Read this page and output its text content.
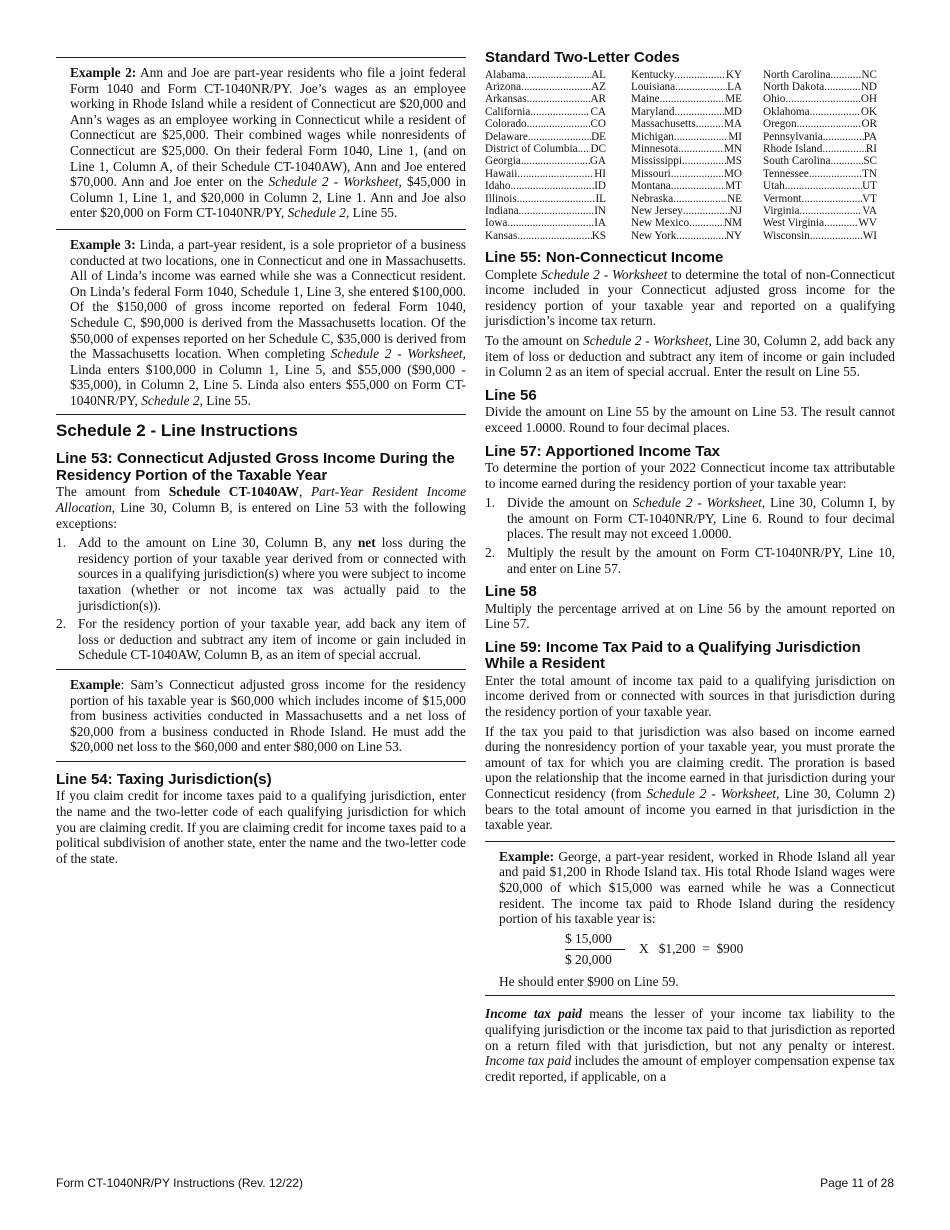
Example 2: Ann and Joe are part-year residents who file a joint federal Form 1040 and Form CT-1040NR/PY. Joe’s wages as an employee working in Rhode Island while a resident of Connecticut are $20,000 and Ann’s wages as an employee working in Connecticut while a resident of Connecticut are $25,000. Their combined wages while nonresidents of Connecticut are $25,000. On their federal Form 1040, Line 1, (and on Line 1, Column A, of their Schedule CT-1040AW), Ann and Joe entered $70,000. Ann and Joe enter on the Schedule 2 - Worksheet, $45,000 in Column 1, Line 1, and $20,000 in Column 2, Line 1. Ann and Joe also enter $20,000 on Form CT-1040NR/PY, Schedule 2, Line 55.

Example 3: Linda, a part-year resident, is a sole proprietor of a business conducted at two locations, one in Connecticut and one in Massachusetts. All of Linda’s income was earned while she was a Connecticut resident. On Linda’s federal Form 1040, Schedule 1, Line 3, she entered $100,000. Of the $150,000 of gross income reported on federal Form 1040, Schedule C, $90,000 is derived from the Massachusetts location. Of the $50,000 of expenses reported on her Schedule C, $35,000 is derived from the Massachusetts location. When completing Schedule 2 - Worksheet, Linda enters $100,000 in Column 1, Line 5, and $55,000 ($90,000 - $35,000), in Column 2, Line 5. Linda also enters $55,000 on Form CT-1040NR/PY, Schedule 2, Line 55.

Schedule 2 - Line Instructions
Line 53: Connecticut Adjusted Gross Income During the Residency Portion of the Taxable Year

The amount from Schedule CT-1040AW, Part-Year Resident Income Allocation, Line 30, Column B, is entered on Line 53 with the following exceptions:

1. Add to the amount on Line 30, Column B, any net loss during the residency portion of your taxable year derived from or connected with sources in a qualifying jurisdiction(s) where you were subject to income taxation (whether or not income tax was actually paid to the jurisdiction(s)).

2. For the residency portion of your taxable year, add back any item of loss or deduction and subtract any item of income or gain included in Schedule CT-1040AW, Column B, as an item of special accrual.

Example: Sam’s Connecticut adjusted gross income for the residency portion of his taxable year is $60,000 which includes income of $15,000 from business activities conducted in Massachusetts and a net loss of $20,000 from a business conducted in Rhode Island. He must add the $20,000 net loss to the $60,000 and enter $80,000 on Line 53.

Line 54: Taxing Jurisdiction(s)

If you claim credit for income taxes paid to a qualifying jurisdiction, enter the name and the two-letter code of each qualifying jurisdiction for which you are claiming credit. If you are claiming credit for income taxes paid to a political subdivision of another state, enter the name and the two-letter code of the state.

Standard Two-Letter Codes
Alabama .....	AL
Arizona .....	AZ
Arkansas .....	AR
California .....	CA
Colorado .....	CO
Delaware .....	DE
District of Columbia ..... DC
Georgia .....	GA
Hawaii .....	HI
Idaho .....	ID
Illinois .....	IL
Indiana .....	IN
Iowa .....	IA
Kansas .....	KS
Kentucky .....	KY
Louisiana .....	LA
Maine .....	ME
Maryland .....	MD
Massachusetts .....	MA
Michigan .....	MI
Minnesota .....	MN
Mississippi .....	MS
Missouri .....	MO
Montana .....	MT
Nebraska .....	NE
New Jersey .....	NJ
New Mexico .....	NM
New York .....	NY
North Carolina .....	NC
North Dakota .....	ND
Ohio .....	OH
Oklahoma .....	OK
Oregon .....	OR
Pennsylvania .....	PA
Rhode Island .....	RI
South Carolina .....	SC
Tennessee .....	TN
Utah .....	UT
Vermont .....	VT
Virginia .....	VA
West Virginia .....	WV
Wisconsin .....	WI
Line 55: Non-Connecticut Income

Complete Schedule 2 - Worksheet to determine the total of non-Connecticut income included in your Connecticut adjusted gross income for the residency portion of your taxable year and reported on a qualifying jurisdiction’s income tax return.

To the amount on Schedule 2 - Worksheet, Line 30, Column 2, add back any item of loss or deduction and subtract any item of income or gain included in Column 2 as an item of special accrual. Enter the result on Line 55.

Line 56

Divide the amount on Line 55 by the amount on Line 53. The result cannot exceed 1.0000. Round to four decimal places.

Line 57: Apportioned Income Tax

To determine the portion of your 2022 Connecticut income tax attributable to income earned during the residency portion of your taxable year:

1. Divide the amount on Schedule 2 - Worksheet, Line 30, Column I, by the amount on Form CT-1040NR/PY, Line 6. Round to four decimal places. The result may not exceed 1.0000.

2. Multiply the result by the amount on Form CT-1040NR/PY, Line 10, and enter on Line 57.

Line 58

Multiply the percentage arrived at on Line 56 by the amount reported on Line 57.

Line 59: Income Tax Paid to a Qualifying Jurisdiction While a Resident

Enter the total amount of income tax paid to a qualifying jurisdiction on income derived from or connected with sources in that jurisdiction during the residency portion of your taxable year.

If the tax you paid to that jurisdiction was also based on income earned during the nonresidency portion of your taxable year, you must prorate the amount of tax for which you are claiming credit. The proration is based upon the relationship that the income earned in that jurisdiction during your Connecticut residency (from Schedule 2 - Worksheet, Line 30, Column 2) bears to the total amount of income you earned in that jurisdiction in the taxable year.

Example: George, a part-year resident, worked in Rhode Island all year and paid $1,200 in Rhode Island tax. His total Rhode Island wages were $20,000 of which $15,000 was earned while he was a Connecticut resident. The income tax paid to Rhode Island during the residency portion of his taxable year is:

$\frac{\$ 15,000}{\$ 20,000}$ X   $1,200  =  $900

He should enter $900 on Line 59.

Income tax paid means the lesser of your income tax liability to the qualifying jurisdiction or the income tax paid to that jurisdiction as reported on a return filed with that jurisdiction, but not any penalty or interest. Income tax paid includes the amount of employer compensation expense tax credit reported, if applicable, on a

Form CT-1040NR/PY Instructions (Rev. 12/22)	Page 11 of 28
